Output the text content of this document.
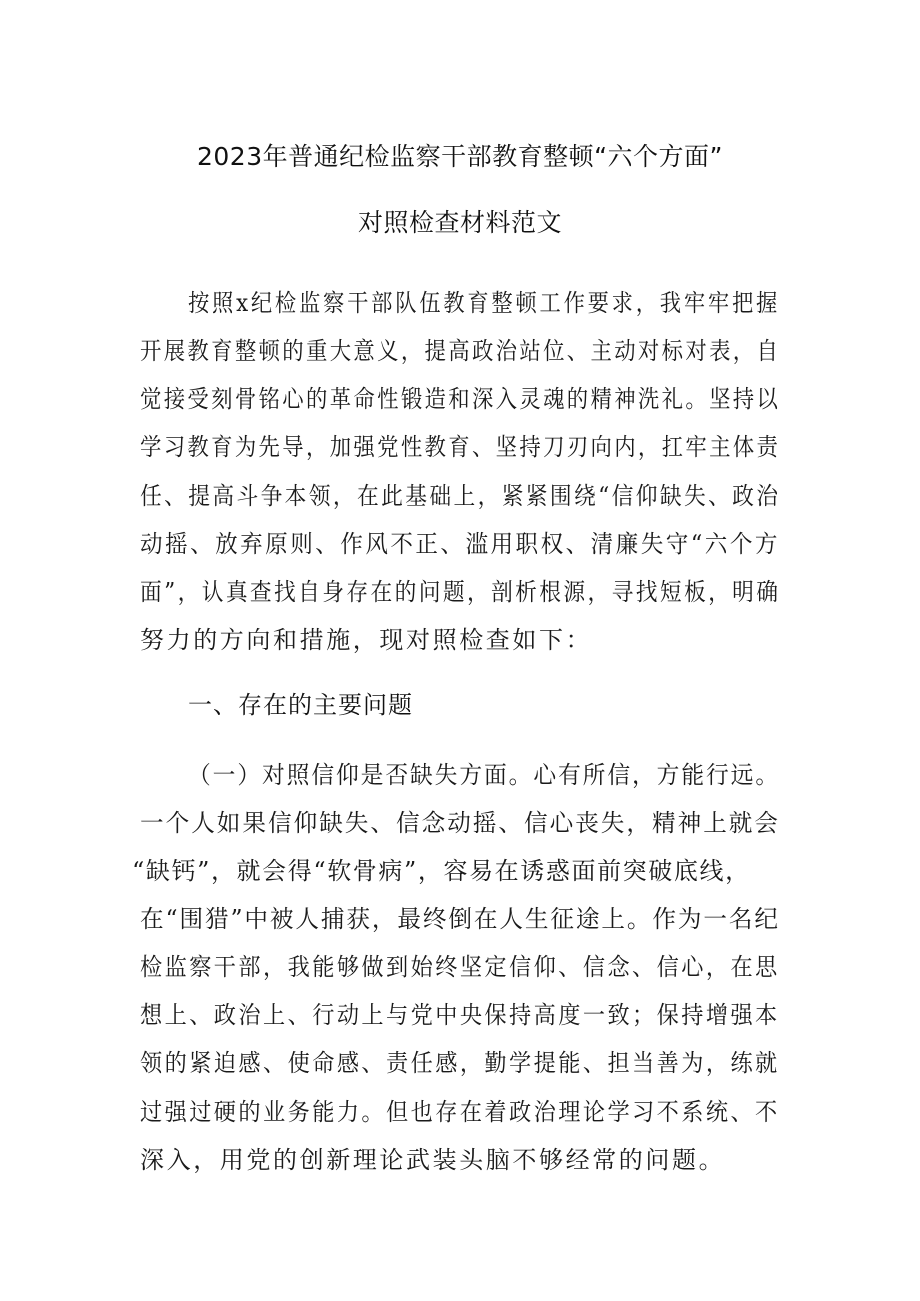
2023年普通纪检监察干部教育整顿“六个方面”
对照检查材料范文
按照x纪检监察干部队伍教育整顿工作要求，我牢牢把握
开展教育整顿的重大意义，提高政治站位、主动对标对表，自
觉接受刻骨铭心的革命性锻造和深入灵魂的精神洗礼。坚持以
学习教育为先导，加强党性教育、坚持刀刃向内，扛牢主体责
任、提高斗争本领，在此基础上，紧紧围绕“信仰缺失、政治
动摇、放弃原则、作风不正、滥用职权、清廉失守“六个方
面”，认真查找自身存在的问题，剖析根源，寻找短板，明确
努力的方向和措施，现对照检查如下：
一、存在的主要问题
（一）对照信仰是否缺失方面。心有所信，方能行远。
一个人如果信仰缺失、信念动摇、信心丧失，精神上就会
“缺钙”，就会得“软骨病”，容易在诱惑面前突破底线，
在“围猎”中被人捕获，最终倒在人生征途上。作为一名纪
检监察干部，我能够做到始终坚定信仰、信念、信心，在思
想上、政治上、行动上与党中央保持高度一致；保持增强本
领的紧迫感、使命感、责任感，勤学提能、担当善为，练就
过强过硬的业务能力。但也存在着政治理论学习不系统、不
深入，用党的创新理论武装头脑不够经常的问题。
